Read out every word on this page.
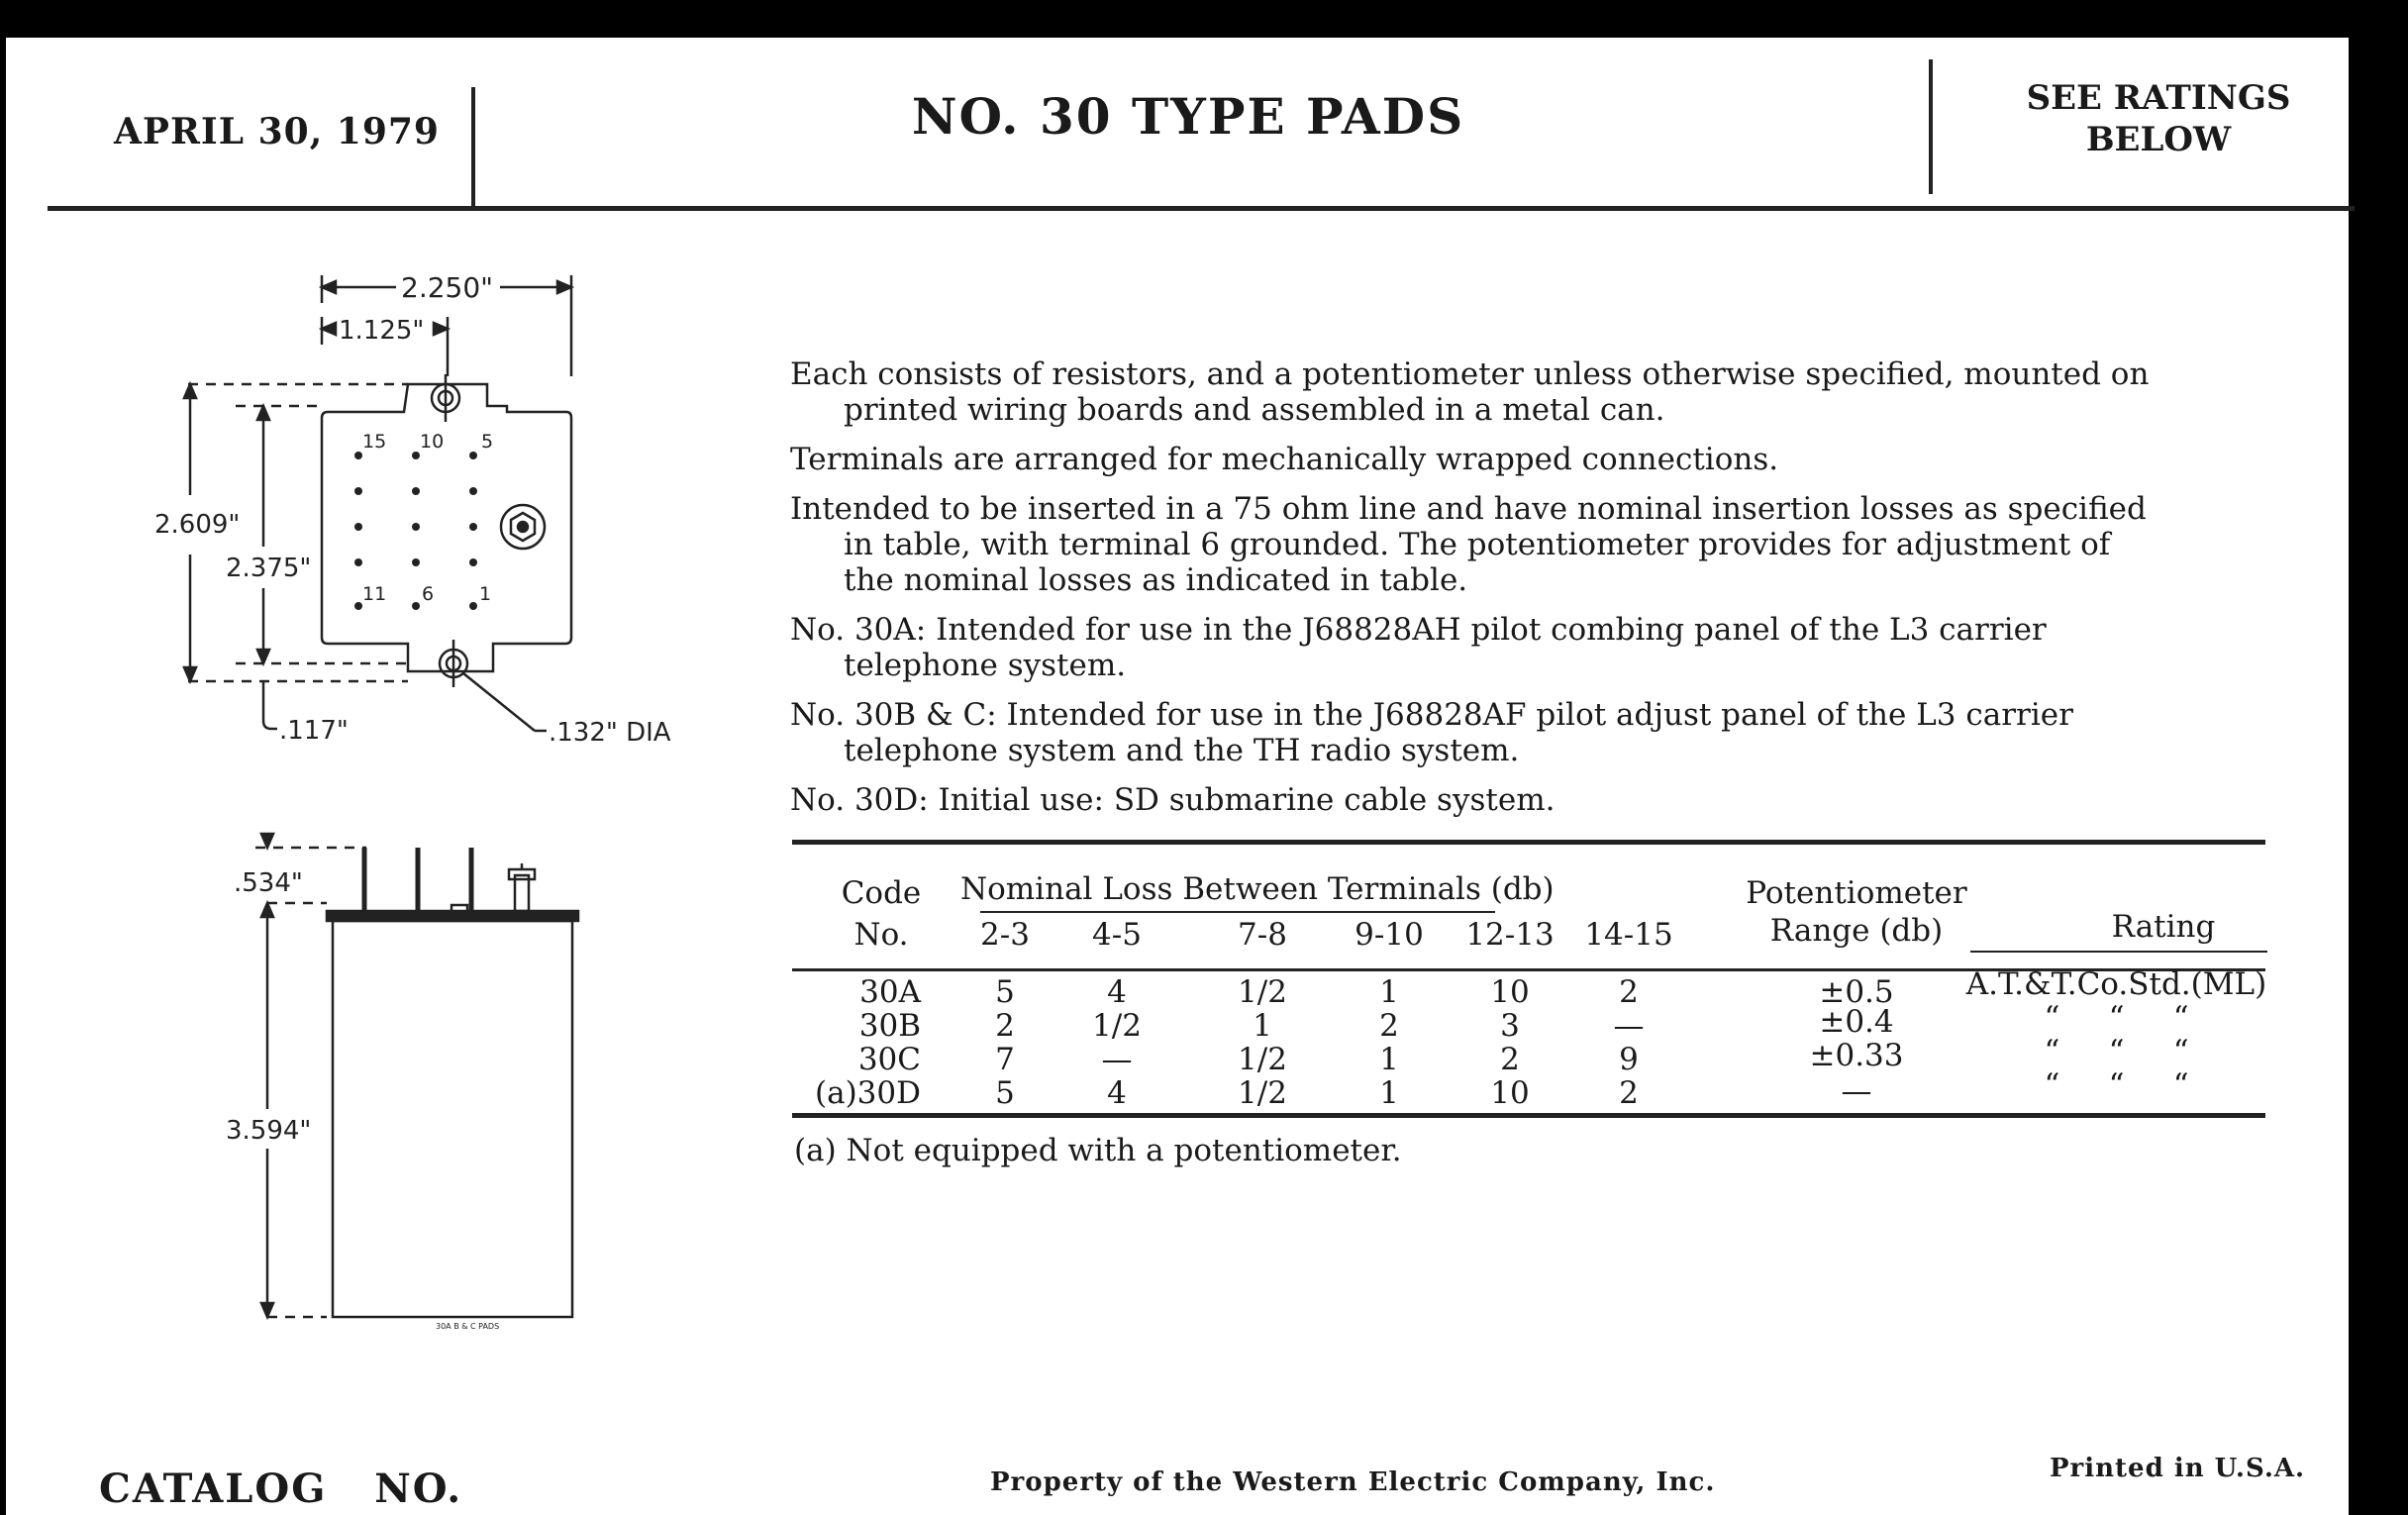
APRIL 30, 1979	NO. 30 TYPE PADS	SEE RATINGS
BELOW
2.250"
1.125"
15 10 5
11 6 1
2.609"
2.375"
.117"	.132" DIA
.534"
3.594"
30A B & C PADS
Each consists of resistors, and a potentiometer unless otherwise specified, mounted on
printed wiring boards and assembled in a metal can.
Terminals are arranged for mechanically wrapped connections.
Intended to be inserted in a 75 ohm line and have nominal insertion losses as specified
in table, with terminal 6 grounded. The potentiometer provides for adjustment of
the nominal losses as indicated in table.
No. 30A: Intended for use in the J68828AH pilot combing panel of the L3 carrier
telephone system.
No. 30B & C: Intended for use in the J68828AF pilot adjust panel of the L3 carrier
telephone system and the TH radio system.
No. 30D: Initial use: SD submarine cable system.
Code
No.
Nominal Loss Between Terminals (db)
2-3	4-5	7-8	9-10	12-13 14-15
Potentiometer
Range (db)	Rating
30A	5	4	1/2	1	10	2	±0.5	A.T.&T.Co.Std.(ML)
30B	2	1/2	1	2	3	—	±0.4	“     “     “
30C	7	—	1/2	1	2	9	±0.33	“     “     “
(a)30D	5	4	1/2	1	10	2	—	“     “     “
(a) Not equipped with a potentiometer.
CATALOG   NO.	Property of the Western Electric Company, Inc.	Printed in U.S.A.
